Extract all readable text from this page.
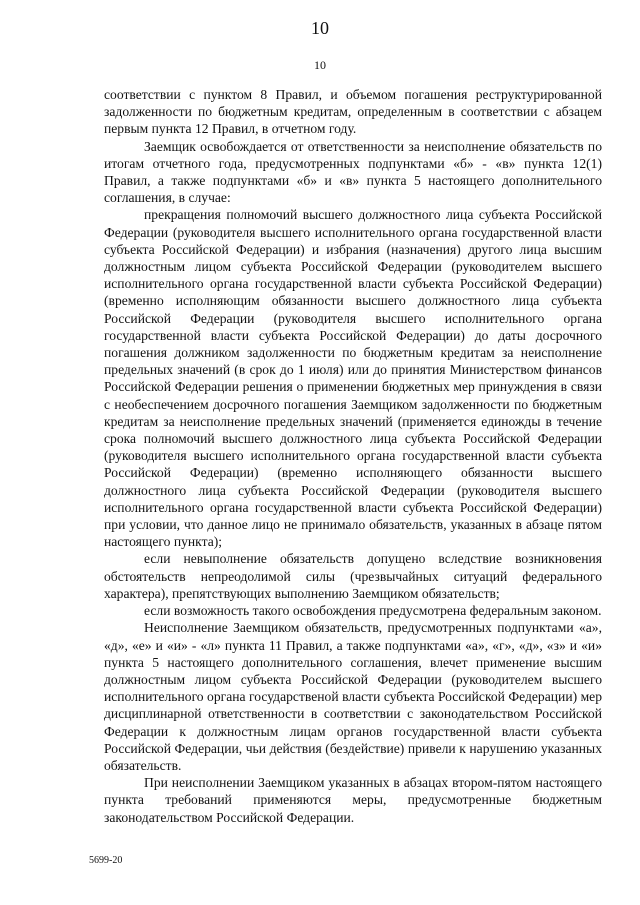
10
10

соответствии с пунктом 8 Правил, и объемом погашения реструктурированной задолженности по бюджетным кредитам, определенным в соответствии с абзацем первым пункта 12 Правил, в отчетном году.

Заемщик освобождается от ответственности за неисполнение обязательств по итогам отчетного года, предусмотренных подпунктами «б» - «в» пункта 12(1) Правил, а также подпунктами «б» и «в» пункта 5 настоящего дополнительного соглашения, в случае:

прекращения полномочий высшего должностного лица субъекта Российской Федерации (руководителя высшего исполнительного органа государственной власти субъекта Российской Федерации) и избрания (назначения) другого лица высшим должностным лицом субъекта Российской Федерации (руководителем высшего исполнительного органа государственной власти субъекта Российской Федерации) (временно исполняющим обязанности высшего должностного лица субъекта Российской Федерации (руководителя высшего исполнительного органа государственной власти субъекта Российской Федерации) до даты досрочного погашения должником задолженности по бюджетным кредитам за неисполнение предельных значений (в срок до 1 июля) или до принятия Министерством финансов Российской Федерации решения о применении бюджетных мер принуждения в связи с необеспечением досрочного погашения Заемщиком задолженности по бюджетным кредитам за неисполнение предельных значений (применяется единожды в течение срока полномочий высшего должностного лица субъекта Российской Федерации (руководителя высшего исполнительного органа государственной власти субъекта Российской Федерации) (временно исполняющего обязанности высшего должностного лица субъекта Российской Федерации (руководителя высшего исполнительного органа государственной власти субъекта Российской Федерации) при условии, что данное лицо не принимало обязательств, указанных в абзаце пятом настоящего пункта);

если невыполнение обязательств допущено вследствие возникновения обстоятельств непреодолимой силы (чрезвычайных ситуаций федерального характера), препятствующих выполнению Заемщиком обязательств;

если возможность такого освобождения предусмотрена федеральным законом.

Неисполнение Заемщиком обязательств, предусмотренных подпунктами «а», «д», «е» и «и» - «л» пункта 11 Правил, а также подпунктами «а», «г», «д», «з» и «и» пункта 5 настоящего дополнительного соглашения, влечет применение высшим должностным лицом субъекта Российской Федерации (руководителем высшего исполнительного органа государственой власти субъекта Российской Федерации) мер дисциплинарной ответственности в соответствии с законодательством Российской Федерации к должностным лицам органов государственной власти субъекта Российской Федерации, чьи действия (бездействие) привели к нарушению указанных обязательств.

При неисполнении Заемщиком указанных в абзацах втором-пятом настоящего пункта требований применяются меры, предусмотренные бюджетным законодательством Российской Федерации.

5699-20
